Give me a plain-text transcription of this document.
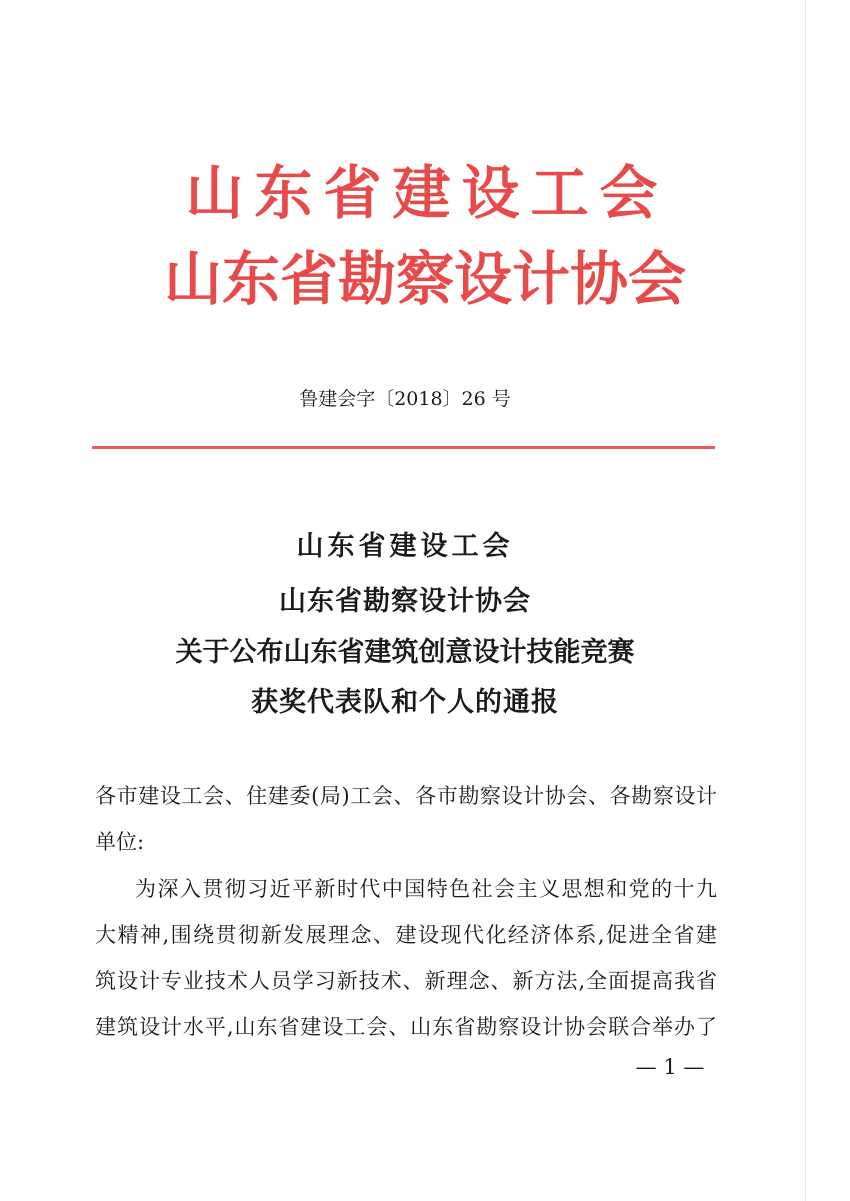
山东省建设工会
山东省勘察设计协会
鲁建会字〔2018〕26 号
山东省建设工会
山东省勘察设计协会
关于公布山东省建筑创意设计技能竞赛
获奖代表队和个人的通报
各市建设工会、住建委(局)工会、各市勘察设计协会、各勘察设计
单位:
为深入贯彻习近平新时代中国特色社会主义思想和党的十九
大精神,围绕贯彻新发展理念、建设现代化经济体系,促进全省建
筑设计专业技术人员学习新技术、新理念、新方法,全面提高我省
建筑设计水平,山东省建设工会、山东省勘察设计协会联合举办了
— 1 —
